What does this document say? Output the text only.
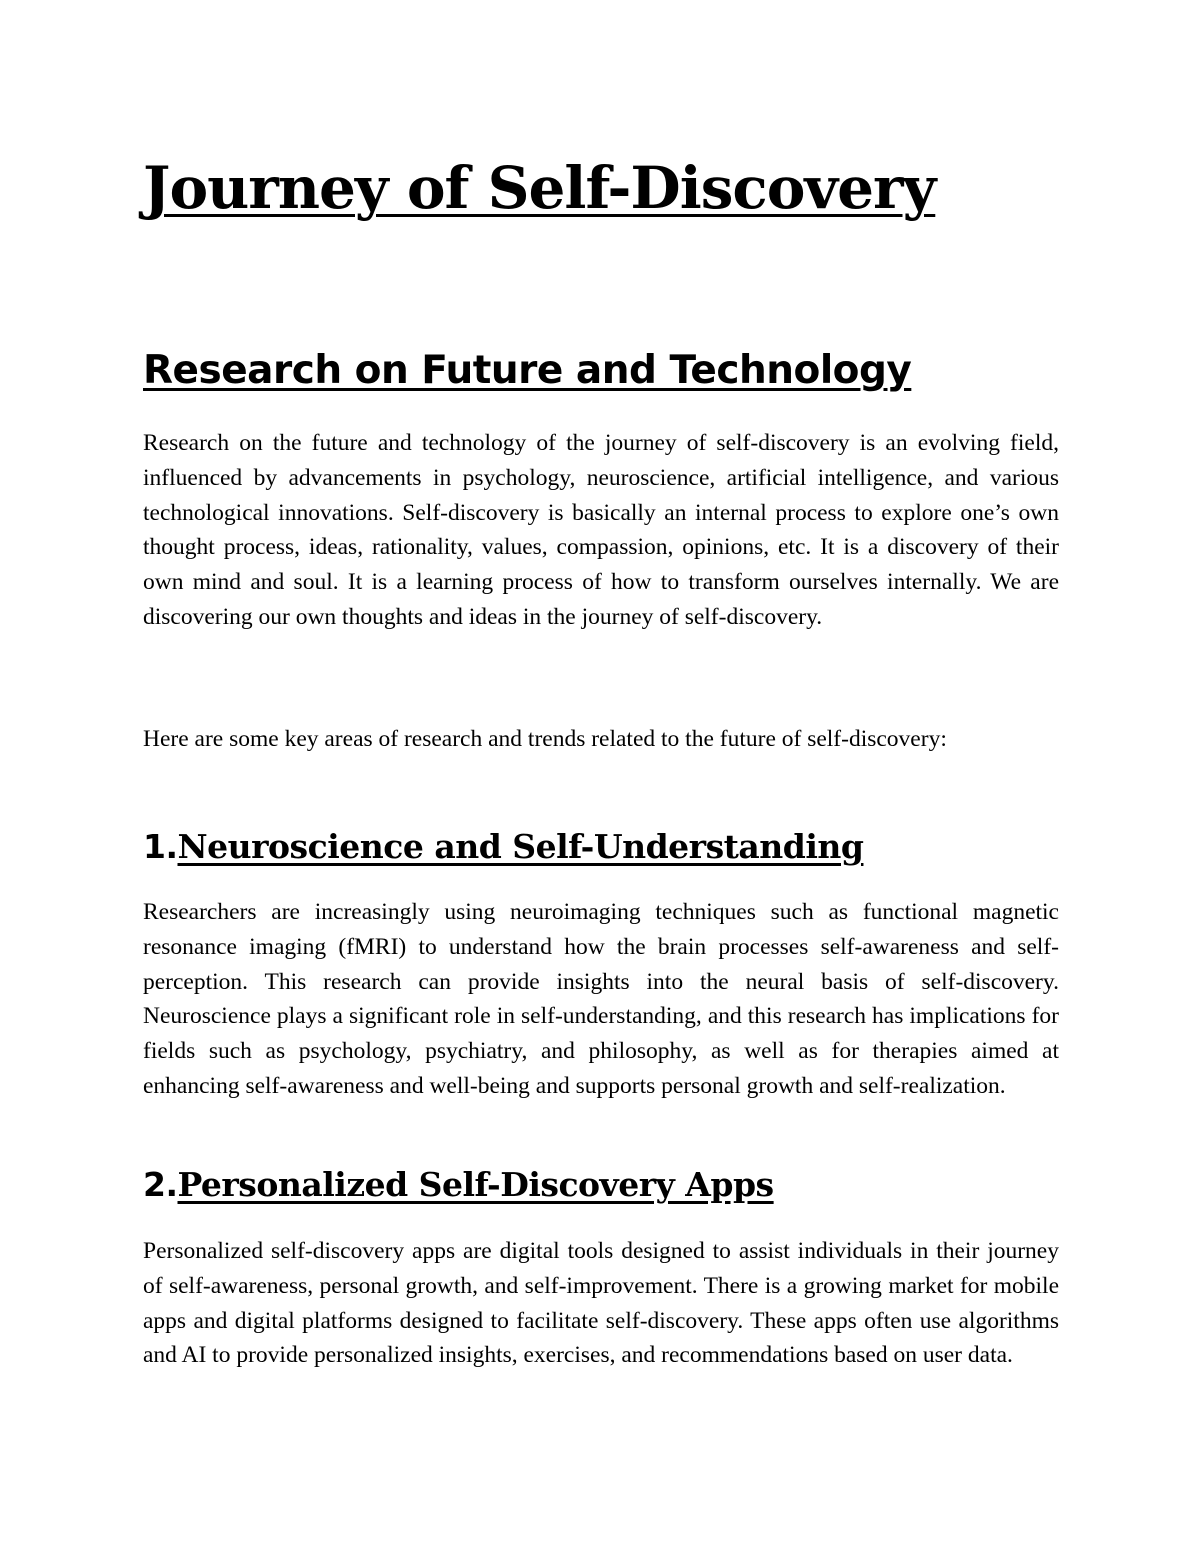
Journey of Self-Discovery
Research on Future and Technology

Research on the future and technology of the journey of self-discovery is an evolving field, influenced by advancements in psychology, neuroscience, artificial intelligence, and various technological innovations. Self-discovery is basically an internal process to explore one’s own thought process, ideas, rationality, values, compassion, opinions, etc. It is a discovery of their own mind and soul. It is a learning process of how to transform ourselves internally. We are discovering our own thoughts and ideas in the journey of self-discovery.

Here are some key areas of research and trends related to the future of self-discovery:

1.Neuroscience and Self-Understanding

Researchers are increasingly using neuroimaging techniques such as functional magnetic resonance imaging (fMRI) to understand how the brain processes self-awareness and self-perception. This research can provide insights into the neural basis of self-discovery. Neuroscience plays a significant role in self-understanding, and this research has implications for fields such as psychology, psychiatry, and philosophy, as well as for therapies aimed at enhancing self-awareness and well-being and supports personal growth and self-realization.

2.Personalized Self-Discovery Apps

Personalized self-discovery apps are digital tools designed to assist individuals in their journey of self-awareness, personal growth, and self-improvement. There is a growing market for mobile apps and digital platforms designed to facilitate self-discovery. These apps often use algorithms and AI to provide personalized insights, exercises, and recommendations based on user data.
